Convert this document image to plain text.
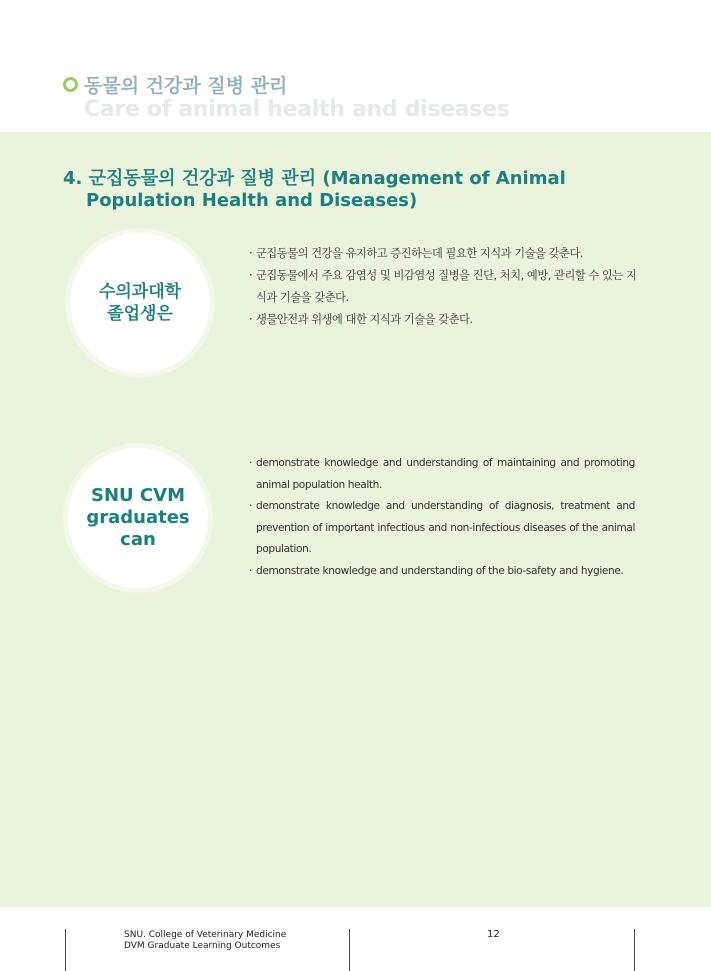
동물의 건강과 질병 관리
Care of animal health and diseases
4. 군집동물의 건강과 질병 관리 (Management of Animal
Population Health and Diseases)
수의과대학
졸업생은
· 군집동물의 건강을 유지하고 증진하는데 필요한 지식과 기술을 갖춘다.
· 군집동물에서 주요 감염성 및 비감염성 질병을 진단, 처치, 예방, 관리할 수 있는 지식과 기술을 갖춘다.
· 생물안전과 위생에 대한 지식과 기술을 갖춘다.
SNU CVM
graduates
can
· demonstrate knowledge and understanding of maintaining and promoting animal population health.
· demonstrate knowledge and understanding of diagnosis, treatment and prevention of important infectious and non-infectious diseases of the animal population.
· demonstrate knowledge and understanding of the bio-safety and hygiene.
SNU. College of Veterinary Medicine
DVM Graduate Learning Outcomes
12
